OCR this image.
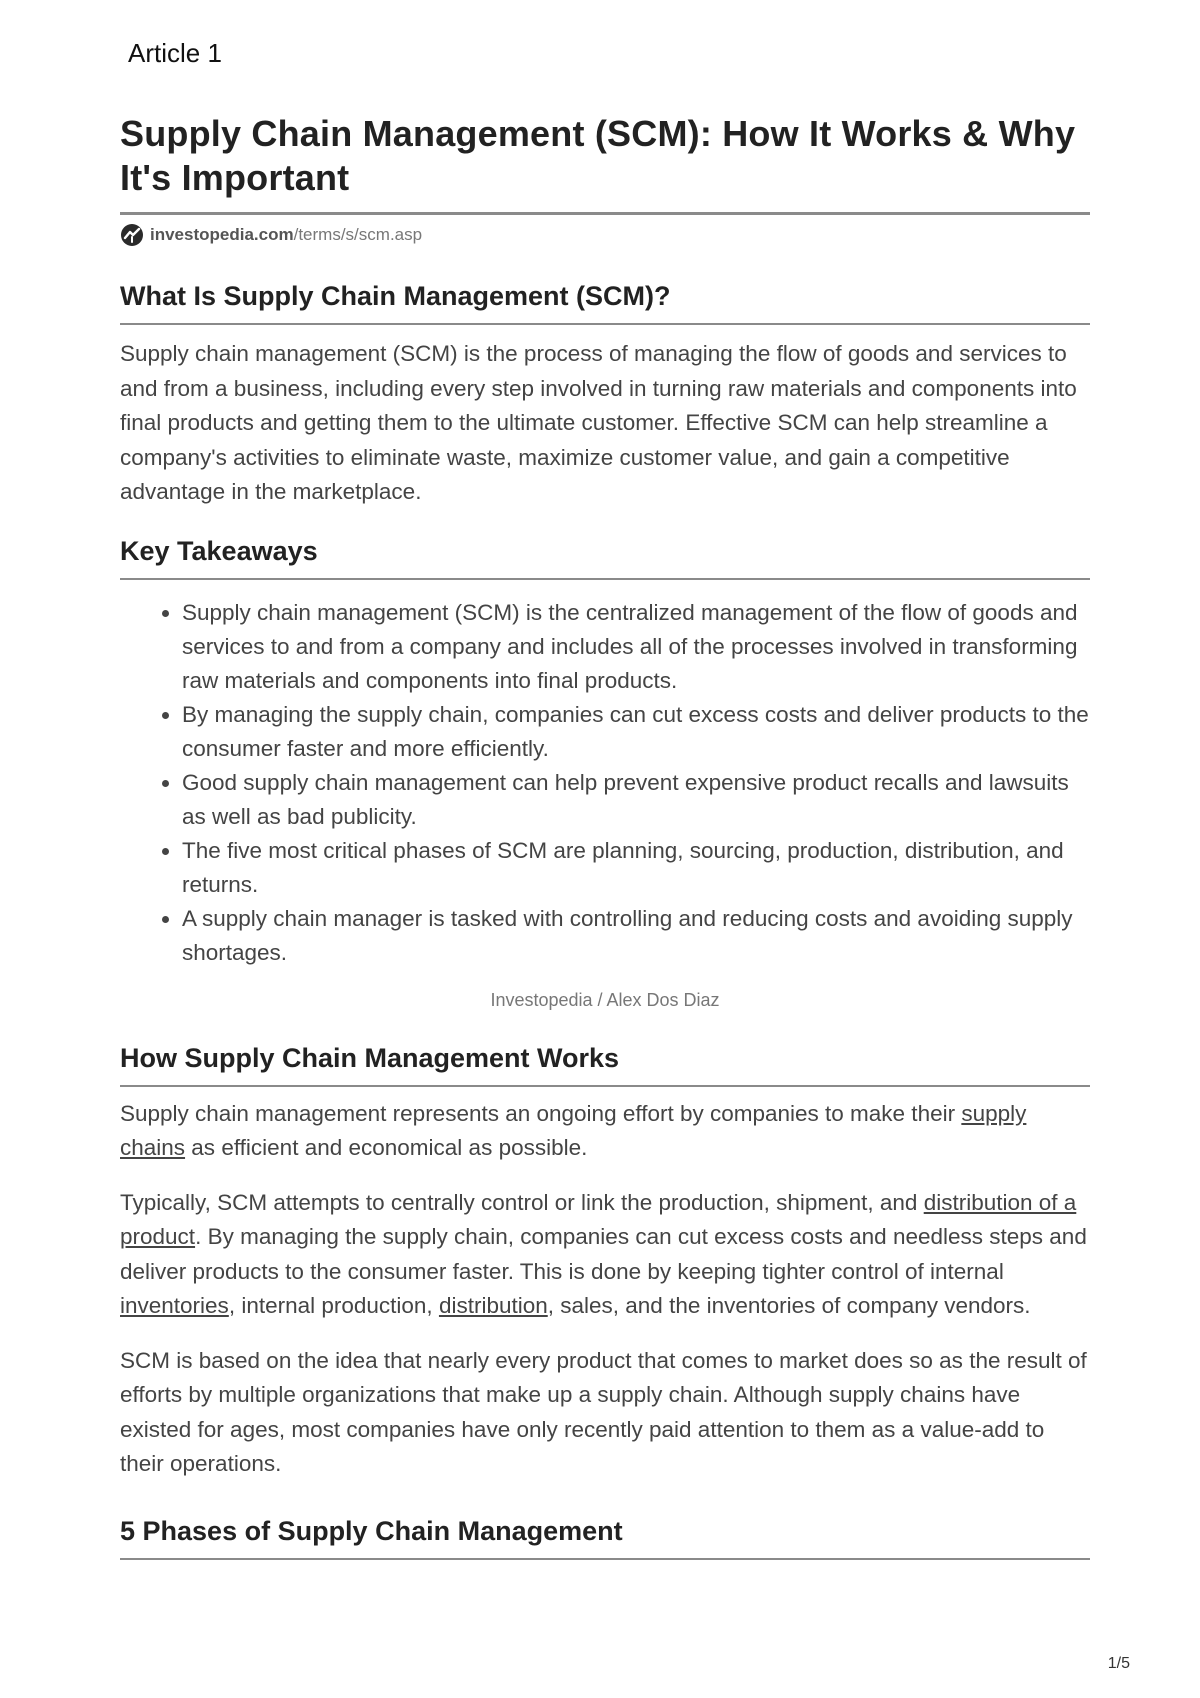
Article 1
Supply Chain Management (SCM): How It Works & Why It's Important
investopedia.com /terms/s/scm.asp
What Is Supply Chain Management (SCM)?

Supply chain management (SCM) is the process of managing the flow of goods and services to and from a business, including every step involved in turning raw materials and components into final products and getting them to the ultimate customer. Effective SCM can help streamline a company's activities to eliminate waste, maximize customer value, and gain a competitive advantage in the marketplace.

Key Takeaways
• Supply chain management (SCM) is the centralized management of the flow of goods and services to and from a company and includes all of the processes involved in transforming raw materials and components into final products.
• By managing the supply chain, companies can cut excess costs and deliver products to the consumer faster and more efficiently.
• Good supply chain management can help prevent expensive product recalls and lawsuits as well as bad publicity.
• The five most critical phases of SCM are planning, sourcing, production, distribution, and returns.
• A supply chain manager is tasked with controlling and reducing costs and avoiding supply shortages.
Investopedia / Alex Dos Diaz
How Supply Chain Management Works

Supply chain management represents an ongoing effort by companies to make their supply chains as efficient and economical as possible.

Typically, SCM attempts to centrally control or link the production, shipment, and distribution of a product. By managing the supply chain, companies can cut excess costs and needless steps and deliver products to the consumer faster. This is done by keeping tighter control of internal inventories, internal production, distribution, sales, and the inventories of company vendors.

SCM is based on the idea that nearly every product that comes to market does so as the result of efforts by multiple organizations that make up a supply chain. Although supply chains have existed for ages, most companies have only recently paid attention to them as a value-add to their operations.

5 Phases of Supply Chain Management
1/5
